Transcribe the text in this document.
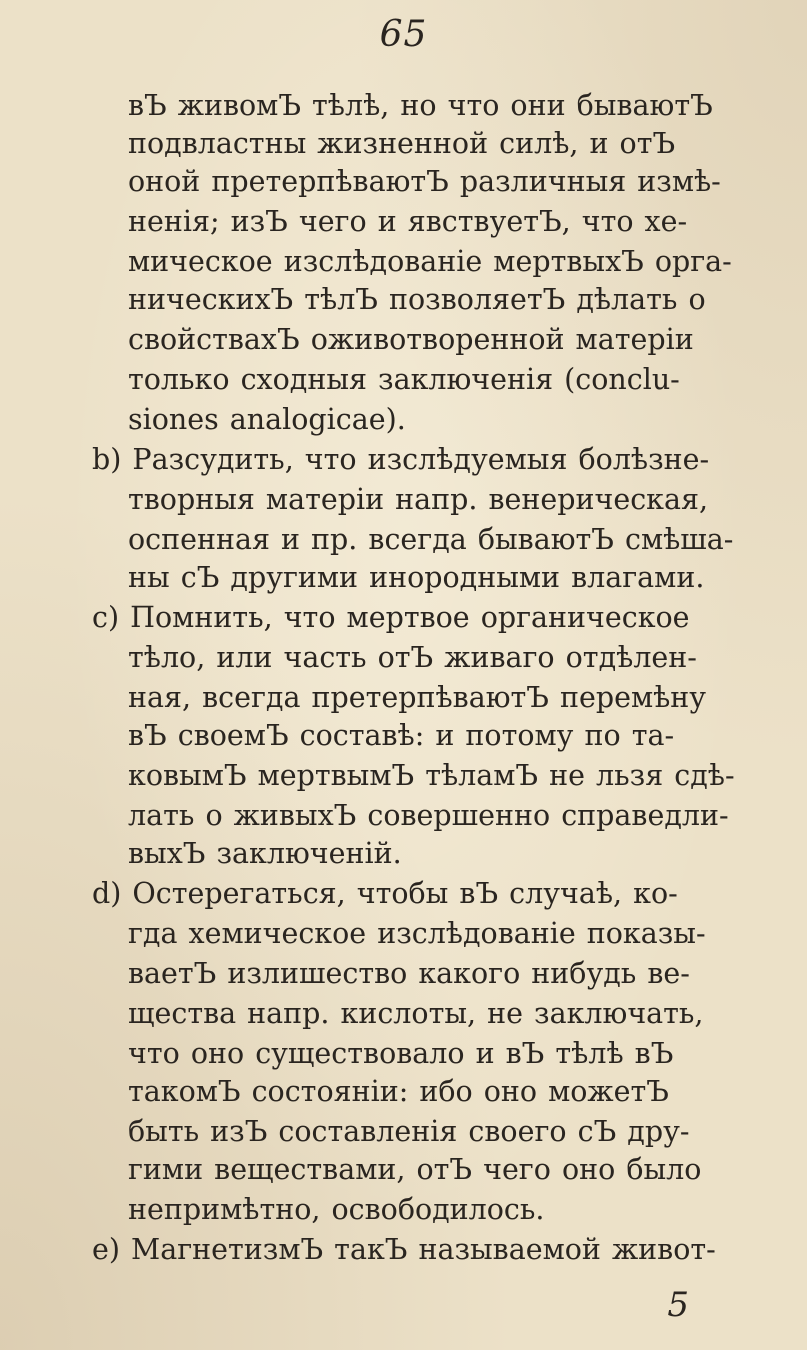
65
вЪ живомЪ тѣлѣ, но что они бываютЪ
подвластны жизненной силѣ, и отЪ
оной претерпѣваютЪ различныя измѣ-
ненія; изЪ чего и явствуетЪ, что хе-
мическое изслѣдованіе мертвыхЪ орга-
ническихЪ тѣлЪ позволяетЪ дѣлать о
свойствахЪ оживотворенной матеріи
только сходныя заключенія (conclu-
siones analogicae).
b) Разсудить, что изслѣдуемыя болѣзне-
творныя матеріи напр. венерическая,
оспенная и пр. всегда бываютЪ смѣша-
ны сЪ другими инородными влагами.
c) Помнить, что мертвое органическое
тѣло, или часть отЪ живаго отдѣлен-
ная, всегда претерпѣваютЪ перемѣну
вЪ своемЪ составѣ: и потому по та-
ковымЪ мертвымЪ тѣламЪ не льзя сдѣ-
лать о живыхЪ совершенно справедли-
выхЪ заключеній.
d) Остерегаться, чтобы вЪ случаѣ, ко-
гда хемическое изслѣдованіе показы-
ваетЪ излишество какого нибудь ве-
щества напр. кислоты, не заключать,
что оно существовало и вЪ тѣлѣ вЪ
такомЪ состояніи: ибо оно можетЪ
быть изЪ составленія своего сЪ дру-
гими веществами, отЪ чего оно было
непримѣтно, освободилось.
e) МагнетизмЪ такЪ называемой живот-
5
